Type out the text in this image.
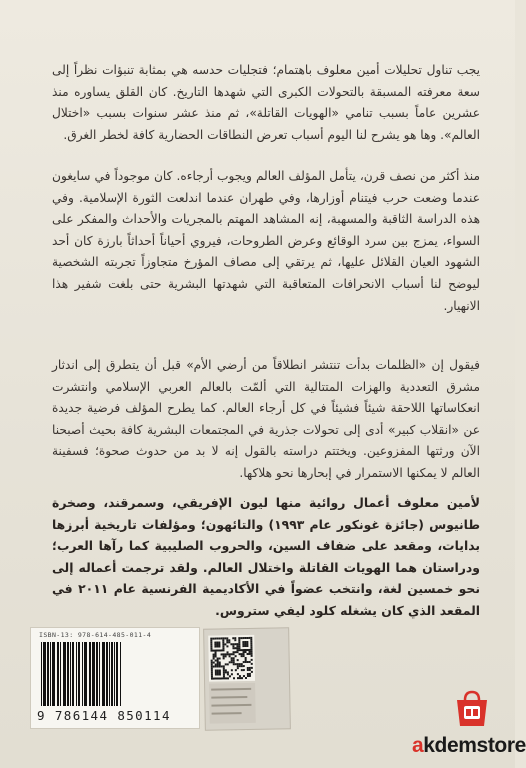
يجب تناول تحليلات أمين معلوف باهتمام؛ فتجليات حدسه هي بمثابة تنبؤات نظراً إلى سعة معرفته المسبقة بالتحولات الكبرى التي شهدها التاريخ. كان القلق يساوره منذ عشرين عاماً بسبب تنامي «الهويات القاتلة»، ثم منذ عشر سنوات بسبب «اختلال العالم». وها هو يشرح لنا اليوم أسباب تعرض النطاقات الحضارية كافة لخطر الغرق.

منذ أكثر من نصف قرن، يتأمل المؤلف العالم ويجوب أرجاءه. كان موجوداً في سايغون عندما وضعت حرب فيتنام أوزارها، وفي طهران عندما اندلعت الثورة الإسلامية. وفي هذه الدراسة الثاقبة والمسهبة، إنه المشاهد المهتم بالمجريات والأحداث والمفكر على السواء، يمزج بين سرد الوقائع وعرض الطروحات، فيروي أحياناً أحداثاً بارزة كان أحد الشهود العيان القلائل عليها، ثم يرتقي إلى مصاف المؤرخ متجاوزاً تجربته الشخصية ليوضح لنا أسباب الانحرافات المتعاقبة التي شهدتها البشرية حتى بلغت شفير هذا الانهيار.

فيقول إن «الظلمات بدأت تنتشر انطلاقاً من أرضي الأم» قبل أن يتطرق إلى اندثار مشرق التعددية والهزات المتتالية التي ألمّت بالعالم العربي الإسلامي وانتشرت انعكاساتها اللاحقة شيئاً فشيئاً في كل أرجاء العالم. كما يطرح المؤلف فرضية جديدة عن «انقلاب كبير» أدى إلى تحولات جذرية في المجتمعات البشرية كافة بحيث أصبحنا الآن ورثتها المفزوعين. ويختتم دراسته بالقول إنه لا بد من حدوث صحوة؛ فسفينة العالم لا يمكنها الاستمرار في إبحارها نحو هلاكها.

لأمين معلوف أعمال روائية منها ليون الإفريقي، وسمرقند، وصخرة طانيوس (جائزة غونكور عام ١٩٩٣) والتائهون؛ ومؤلفات تاريخية أبرزها بدايات، ومقعد على ضفاف السين، والحروب الصليبية كما رآها العرب؛ ودراستان هما الهويات القاتلة واختلال العالم. ولقد ترجمت أعماله إلى نحو خمسين لغة، وانتخب عضواً في الأكاديمية الفرنسية عام ٢٠١١ في المقعد الذي كان يشغله كلود ليفي ستروس.

ISBN-13: 978-614-485-011-4
9 786144 850114
akdemstore
